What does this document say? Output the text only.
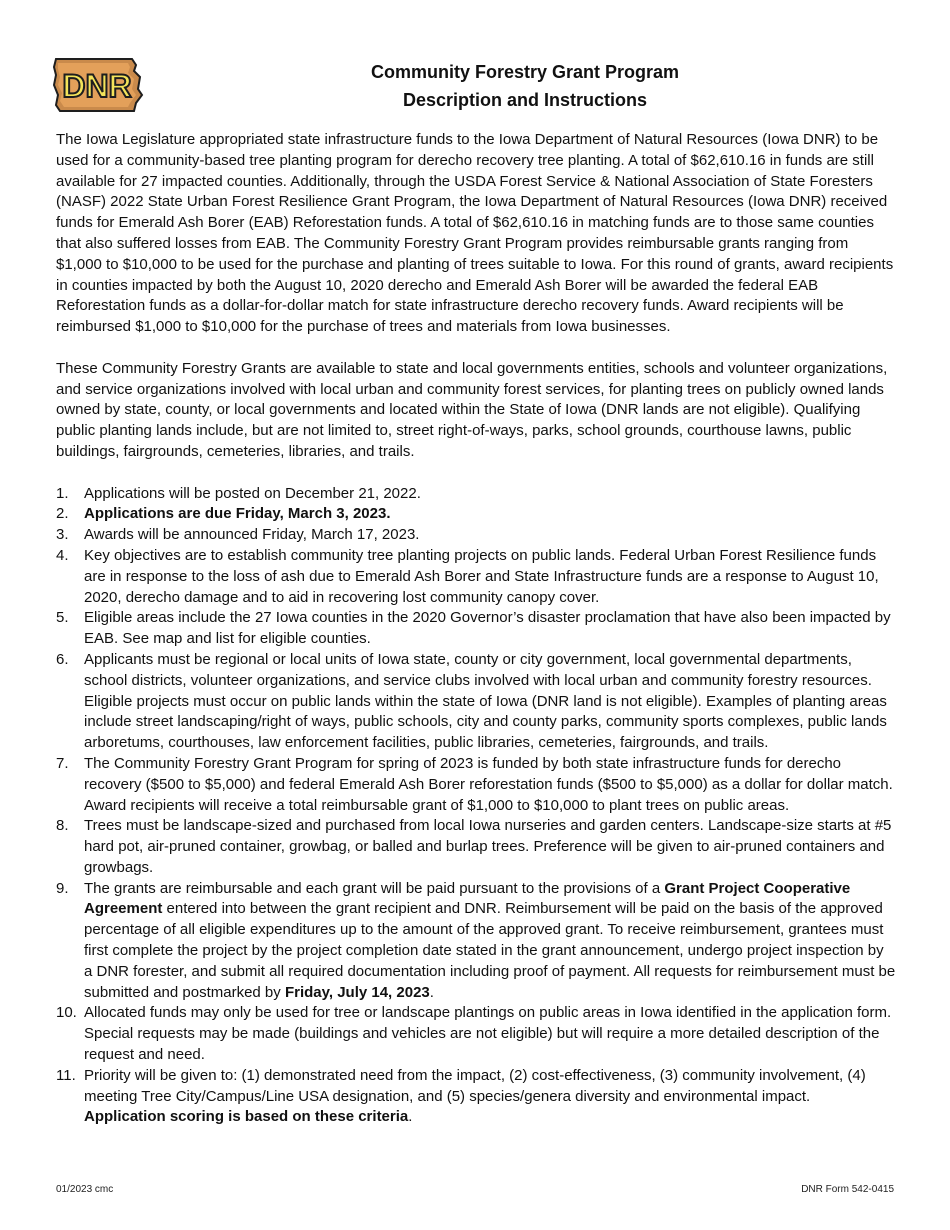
DNR	Community Forestry Grant Program
Description and Instructions

The Iowa Legislature appropriated state infrastructure funds to the Iowa Department of Natural Resources (Iowa DNR) to be used for a community-based tree planting program for derecho recovery tree planting. A total of $62,610.16 in funds are still available for 27 impacted counties. Additionally, through the USDA Forest Service & National Association of State Foresters (NASF) 2022 State Urban Forest Resilience Grant Program, the Iowa Department of Natural Resources (Iowa DNR) received funds for Emerald Ash Borer (EAB) Reforestation funds. A total of $62,610.16 in matching funds are to those same counties that also suffered losses from EAB. The Community Forestry Grant Program provides reimbursable grants ranging from $1,000 to $10,000 to be used for the purchase and planting of trees suitable to Iowa. For this round of grants, award recipients in counties impacted by both the August 10, 2020 derecho and Emerald Ash Borer will be awarded the federal EAB Reforestation funds as a dollar-for-dollar match for state infrastructure derecho recovery funds. Award recipients will be reimbursed $1,000 to $10,000 for the purchase of trees and materials from Iowa businesses.

These Community Forestry Grants are available to state and local governments entities, schools and volunteer organizations, and service organizations involved with local urban and community forest services, for planting trees on publicly owned lands owned by state, county, or local governments and located within the State of Iowa (DNR lands are not eligible). Qualifying public planting lands include, but are not limited to, street right-of-ways, parks, school grounds, courthouse lawns, public buildings, fairgrounds, cemeteries, libraries, and trails.

1.	Applications will be posted on December 21, 2022.
2.	Applications are due Friday, March 3, 2023.
3.	Awards will be announced Friday, March 17, 2023.
4.	Key objectives are to establish community tree planting projects on public lands. Federal Urban Forest Resilience funds are in response to the loss of ash due to Emerald Ash Borer and State Infrastructure funds are a response to August 10, 2020, derecho damage and to aid in recovering lost community canopy cover.
5.	Eligible areas include the 27 Iowa counties in the 2020 Governor’s disaster proclamation that have also been impacted by EAB. See map and list for eligible counties.
6.	Applicants must be regional or local units of Iowa state, county or city government, local governmental departments, school districts, volunteer organizations, and service clubs involved with local urban and community forestry resources. Eligible projects must occur on public lands within the state of Iowa (DNR land is not eligible). Examples of planting areas include street landscaping/right of ways, public schools, city and county parks, community sports complexes, public lands arboretums, courthouses, law enforcement facilities, public libraries, cemeteries, fairgrounds, and trails.
7.	The Community Forestry Grant Program for spring of 2023 is funded by both state infrastructure funds for derecho recovery ($500 to $5,000) and federal Emerald Ash Borer reforestation funds ($500 to $5,000) as a dollar for dollar match. Award recipients will receive a total reimbursable grant of $1,000 to $10,000 to plant trees on public areas.
8.	Trees must be landscape-sized and purchased from local Iowa nurseries and garden centers. Landscape-size starts at #5 hard pot, air-pruned container, growbag, or balled and burlap trees. Preference will be given to air-pruned containers and growbags.
9.	The grants are reimbursable and each grant will be paid pursuant to the provisions of a Grant Project Cooperative Agreement entered into between the grant recipient and DNR. Reimbursement will be paid on the basis of the approved percentage of all eligible expenditures up to the amount of the approved grant. To receive reimbursement, grantees must first complete the project by the project completion date stated in the grant announcement, undergo project inspection by a DNR forester, and submit all required documentation including proof of payment. All requests for reimbursement must be submitted and postmarked by Friday, July 14, 2023.
10. Allocated funds may only be used for tree or landscape plantings on public areas in Iowa identified in the application form. Special requests may be made (buildings and vehicles are not eligible) but will require a more detailed description of the request and need.
11. Priority will be given to: (1) demonstrated need from the impact, (2) cost-effectiveness, (3) community involvement, (4) meeting Tree City/Campus/Line USA designation, and (5) species/genera diversity and environmental impact.
Application scoring is based on these criteria.
01/2023 cmc	DNR Form 542-0415
